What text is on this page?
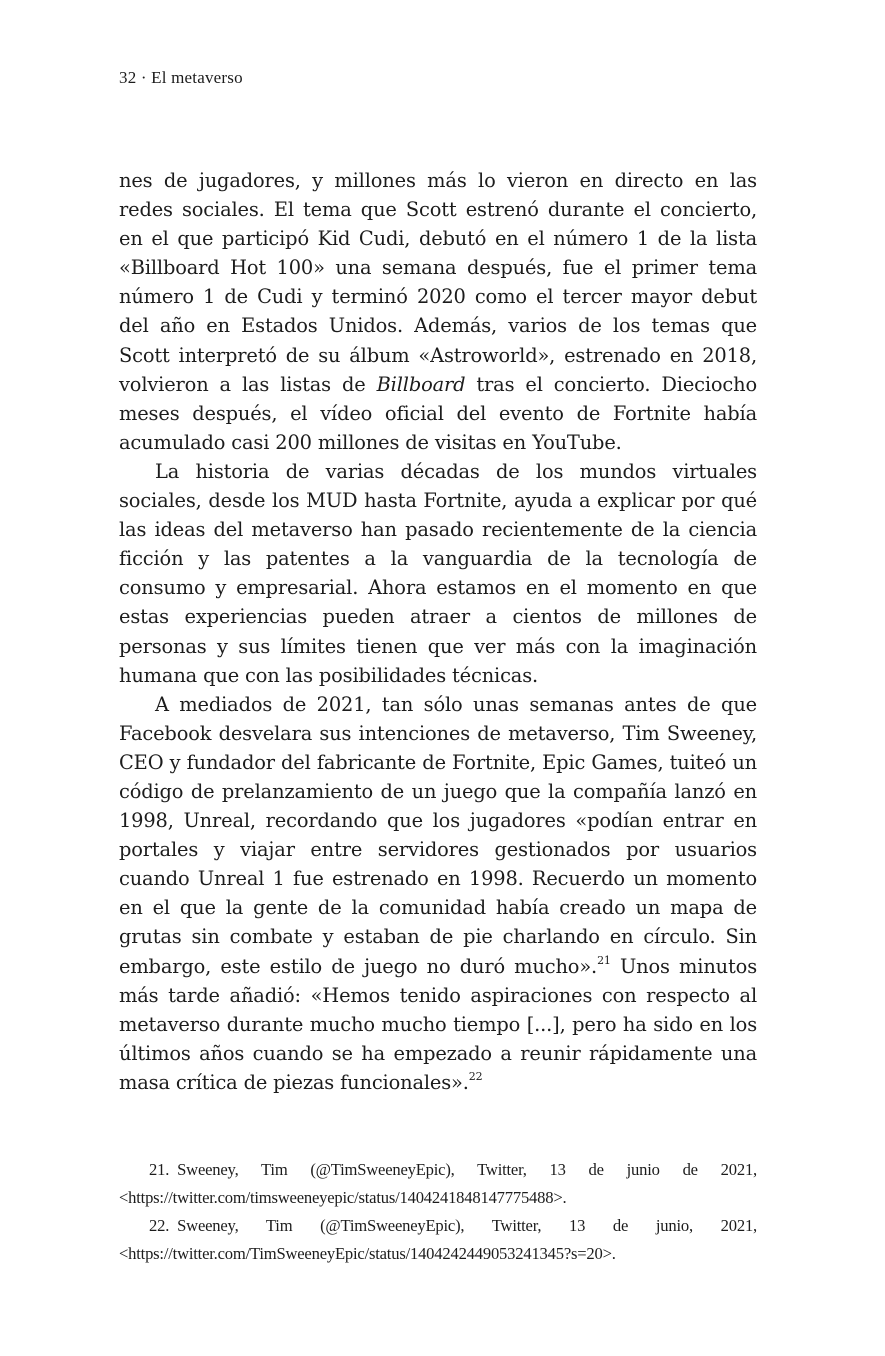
32 · El metaverso

nes de jugadores, y millones más lo vieron en directo en las redes sociales. El tema que Scott estrenó durante el concierto, en el que participó Kid Cudi, debutó en el número 1 de la lista «Billboard Hot 100» una semana después, fue el primer tema número 1 de Cudi y terminó 2020 como el tercer mayor debut del año en Estados Unidos. Además, varios de los temas que Scott interpretó de su álbum «Astroworld», estrenado en 2018, volvieron a las listas de Billboard tras el concierto. Dieciocho meses después, el vídeo oficial del evento de Fortnite había acumulado casi 200 millones de visitas en YouTube.

La historia de varias décadas de los mundos virtuales sociales, desde los MUD hasta Fortnite, ayuda a explicar por qué las ideas del metaverso han pasado recientemente de la ciencia ficción y las patentes a la vanguardia de la tecnología de consumo y empresarial. Ahora estamos en el momento en que estas experiencias pueden atraer a cientos de millones de personas y sus límites tienen que ver más con la imaginación humana que con las posibilidades técnicas.

A mediados de 2021, tan sólo unas semanas antes de que Facebook desvelara sus intenciones de metaverso, Tim Sweeney, CEO y fundador del fabricante de Fortnite, Epic Games, tuiteó un código de prelanzamiento de un juego que la compañía lanzó en 1998, Unreal, recordando que los jugadores «podían entrar en portales y viajar entre servidores gestionados por usuarios cuando Unreal 1 fue estrenado en 1998. Recuerdo un momento en el que la gente de la comunidad había creado un mapa de grutas sin combate y estaban de pie charlando en círculo. Sin embargo, este estilo de juego no duró mucho».$^{21}$ Unos minutos más tarde añadió: «Hemos tenido aspiraciones con respecto al metaverso durante mucho mucho tiempo [...], pero ha sido en los últimos años cuando se ha empezado a reunir rápidamente una masa crítica de piezas funcionales».$^{22}$

21. Sweeney, Tim (@TimSweeneyEpic), Twitter, 13 de junio de 2021, <https://twitter.com/timsweeneyepic/status/1404241848147775488>.

22. Sweeney, Tim (@TimSweeneyEpic), Twitter, 13 de junio, 2021, <https://twitter.com/TimSweeneyEpic/status/1404242449053241345?s=20>.
